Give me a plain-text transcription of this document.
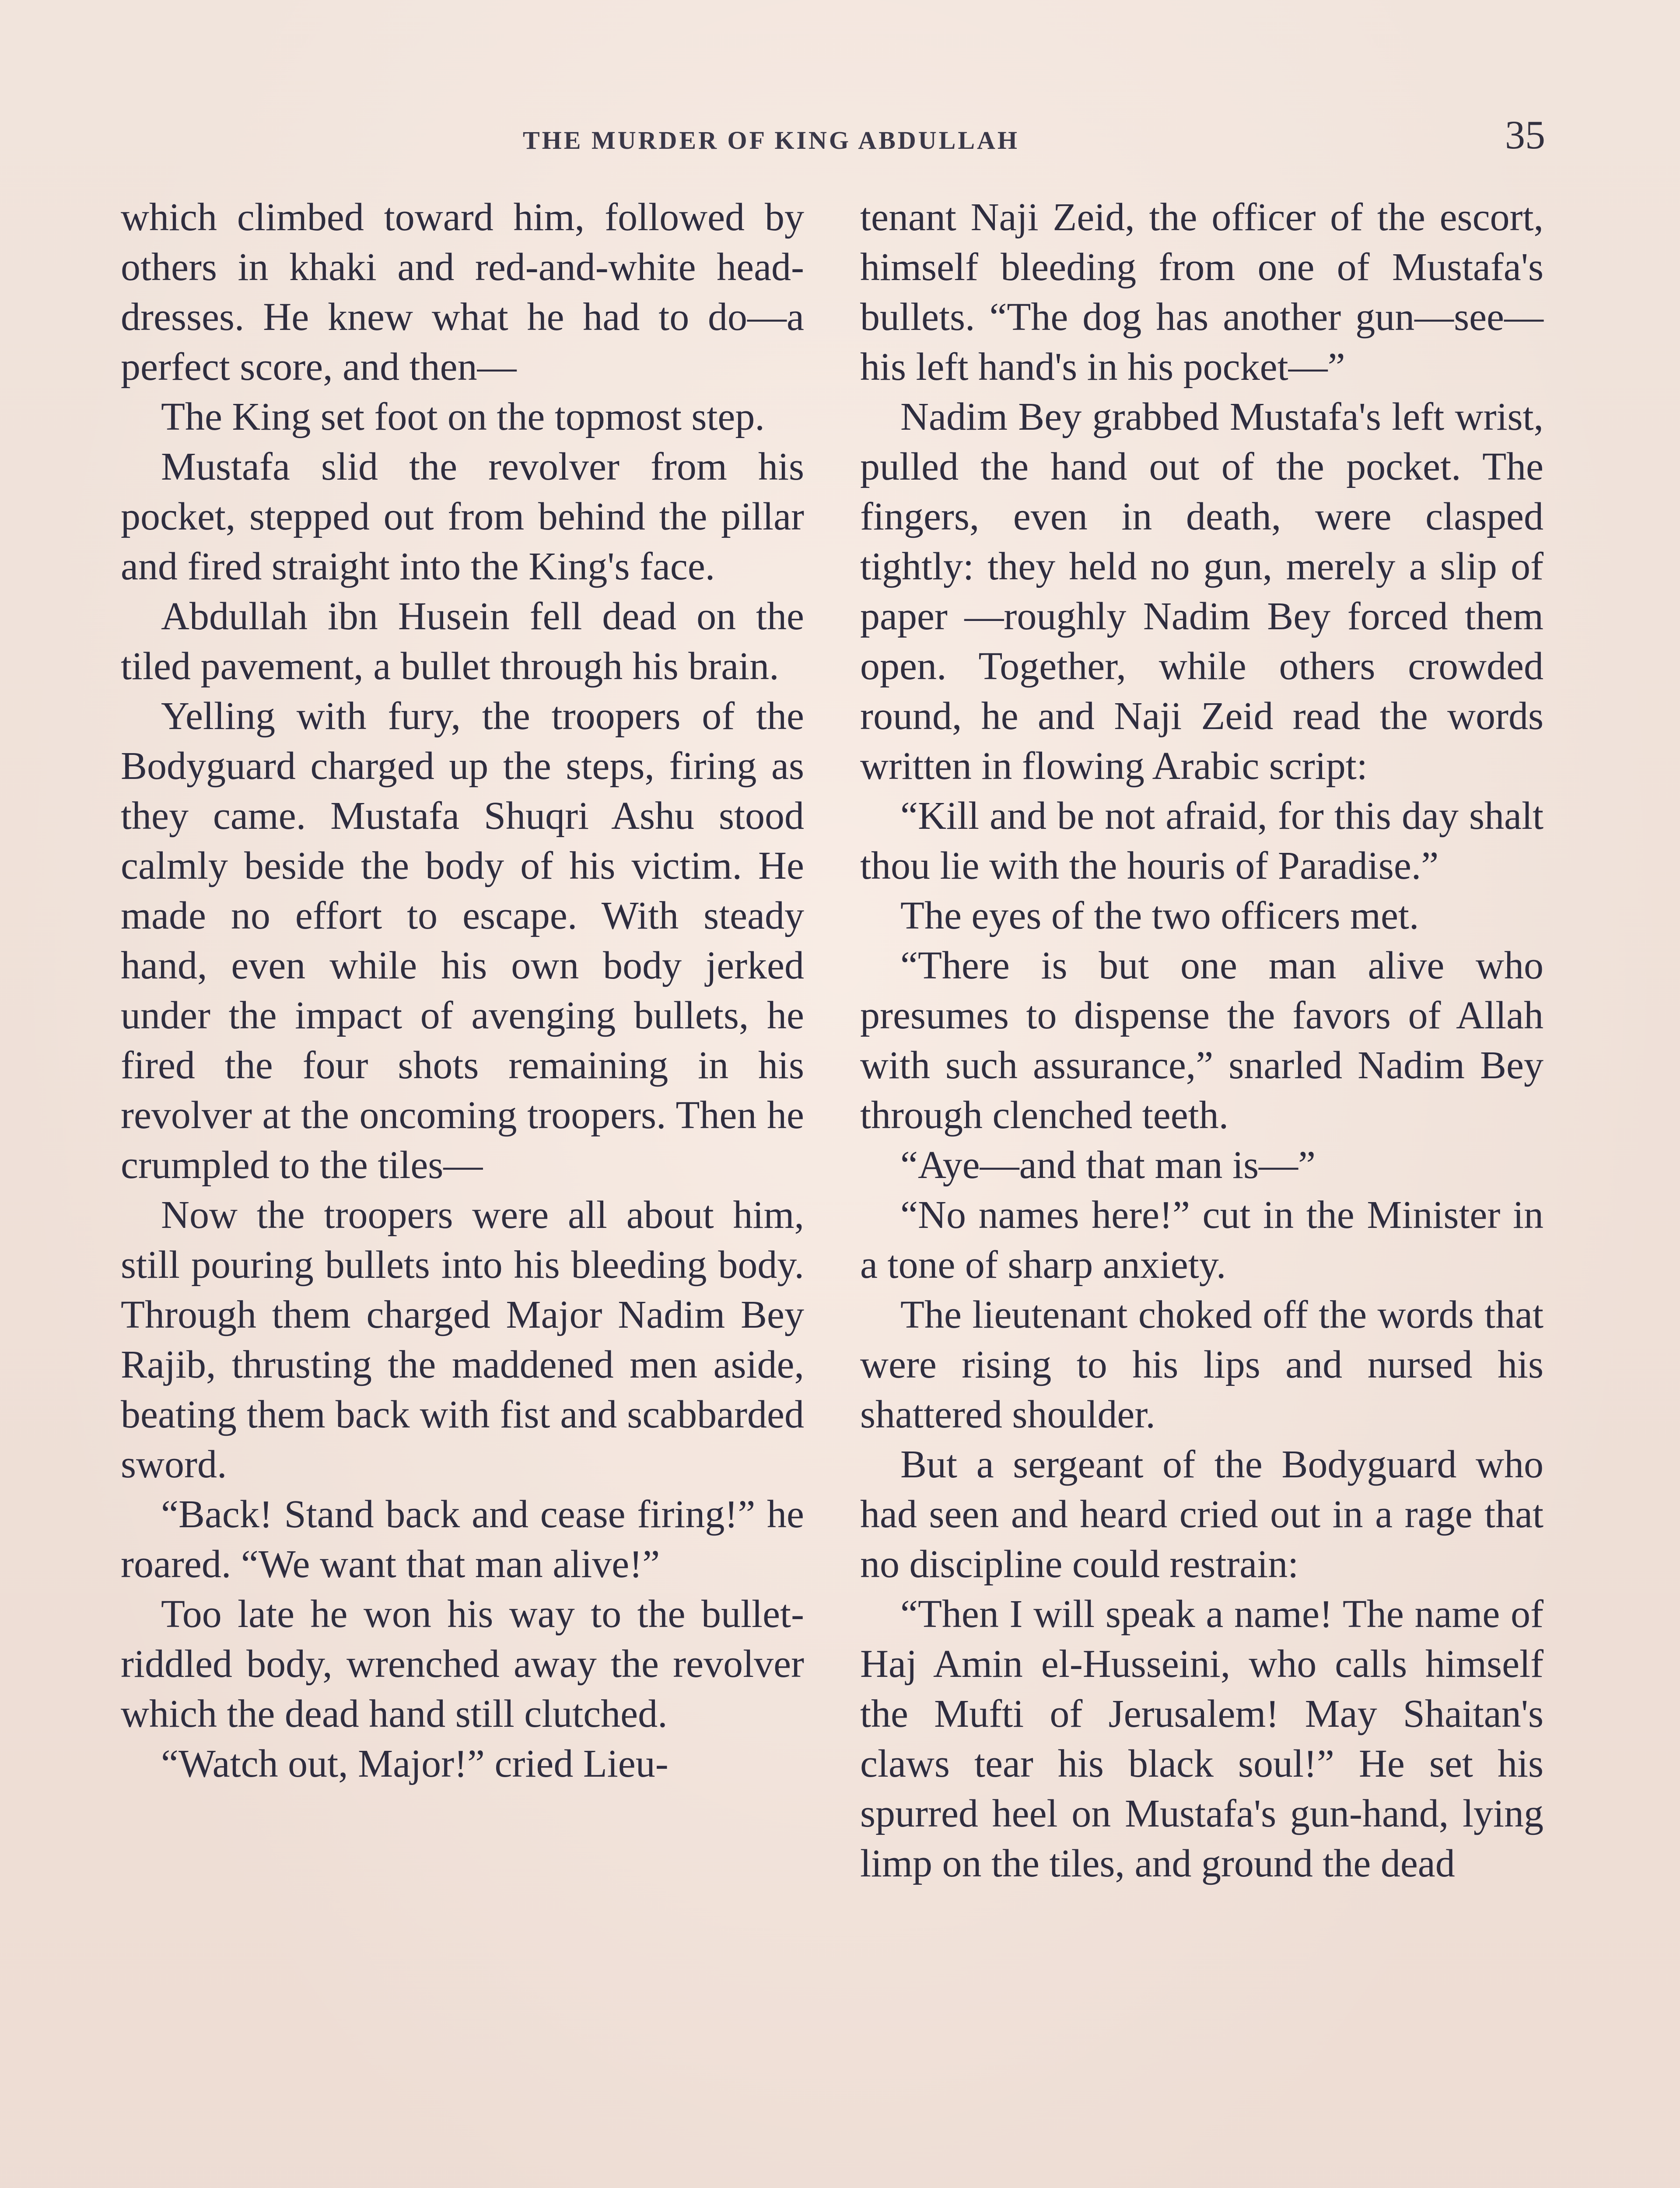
THE MURDER OF KING ABDULLAH	35

which climbed toward him, followed by others in khaki and red-and-white head-dresses. He knew what he had to do—a perfect score, and then—

The King set foot on the topmost step.

Mustafa slid the revolver from his pocket, stepped out from behind the pillar and fired straight into the King's face.

Abdullah ibn Husein fell dead on the tiled pavement, a bullet through his brain.

Yelling with fury, the troopers of the Bodyguard charged up the steps, firing as they came. Mustafa Shuqri Ashu stood calmly beside the body of his victim. He made no effort to escape. With steady hand, even while his own body jerked under the impact of avenging bullets, he fired the four shots remaining in his revolver at the oncoming troopers. Then he crumpled to the tiles—

Now the troopers were all about him, still pouring bullets into his bleeding body. Through them charged Major Nadim Bey Rajib, thrusting the maddened men aside, beating them back with fist and scabbarded sword.

“Back! Stand back and cease firing!” he roared. “We want that man alive!”

Too late he won his way to the bullet-riddled body, wrenched away the revolver which the dead hand still clutched.

“Watch out, Major!” cried Lieu-

tenant Naji Zeid, the officer of the escort, himself bleeding from one of Mustafa's bullets. “The dog has another gun—see—his left hand's in his pocket—”

Nadim Bey grabbed Mustafa's left wrist, pulled the hand out of the pocket. The fingers, even in death, were clasped tightly: they held no gun, merely a slip of paper —roughly Nadim Bey forced them open. Together, while others crowded round, he and Naji Zeid read the words written in flowing Arabic script:

“Kill and be not afraid, for this day shalt thou lie with the houris of Paradise.”

The eyes of the two officers met.

“There is but one man alive who presumes to dispense the favors of Allah with such assurance,” snarled Nadim Bey through clenched teeth.

“Aye—and that man is—”

“No names here!” cut in the Minister in a tone of sharp anxiety.

The lieutenant choked off the words that were rising to his lips and nursed his shattered shoulder.

But a sergeant of the Bodyguard who had seen and heard cried out in a rage that no discipline could restrain:

“Then I will speak a name! The name of Haj Amin el-Husseini, who calls himself the Mufti of Jerusalem! May Shaitan's claws tear his black soul!” He set his spurred heel on Mustafa's gun-hand, lying limp on the tiles, and ground the dead
